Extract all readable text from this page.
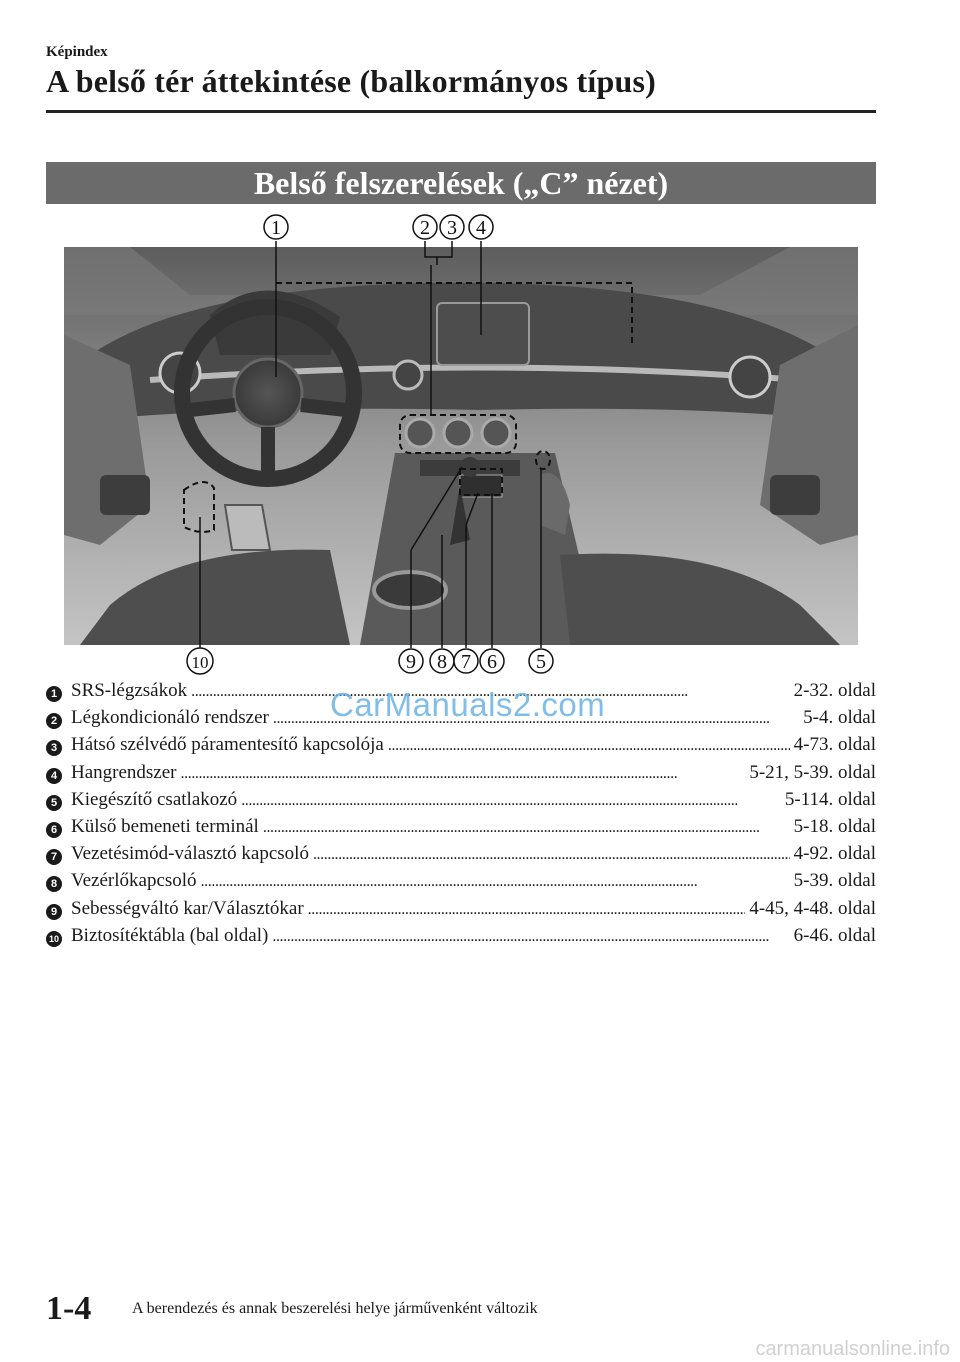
Képindex
A belső tér áttekintése (balkormányos típus)
Belső felszerelések („C” nézet)
1	2 3 4
10	9 8 7 6 5
1 SRS-légzsákok . . .	2-32. oldal
2 Légkondicionáló rendszer . . .	5-4. oldal
3 Hátsó szélvédő páramentesítő kapcsolója . . .	4-73. oldal
4 Hangrendszer . . .	5-21, 5-39. oldal
5 Kiegészítő csatlakozó . . .	5-114. oldal
6 Külső bemeneti terminál . . .	5-18. oldal
7 Vezetésimód-választó kapcsoló . . .	4-92. oldal
8 Vezérlőkapcsoló . . .	5-39. oldal
9 Sebességváltó kar/Választókar . . .	4-45, 4-48. oldal
10 Biztosítéktábla (bal oldal) . . .	6-46. oldal
CarManuals2.com
1-4	A berendezés és annak beszerelési helye járművenként változik
carmanualsonline.info
